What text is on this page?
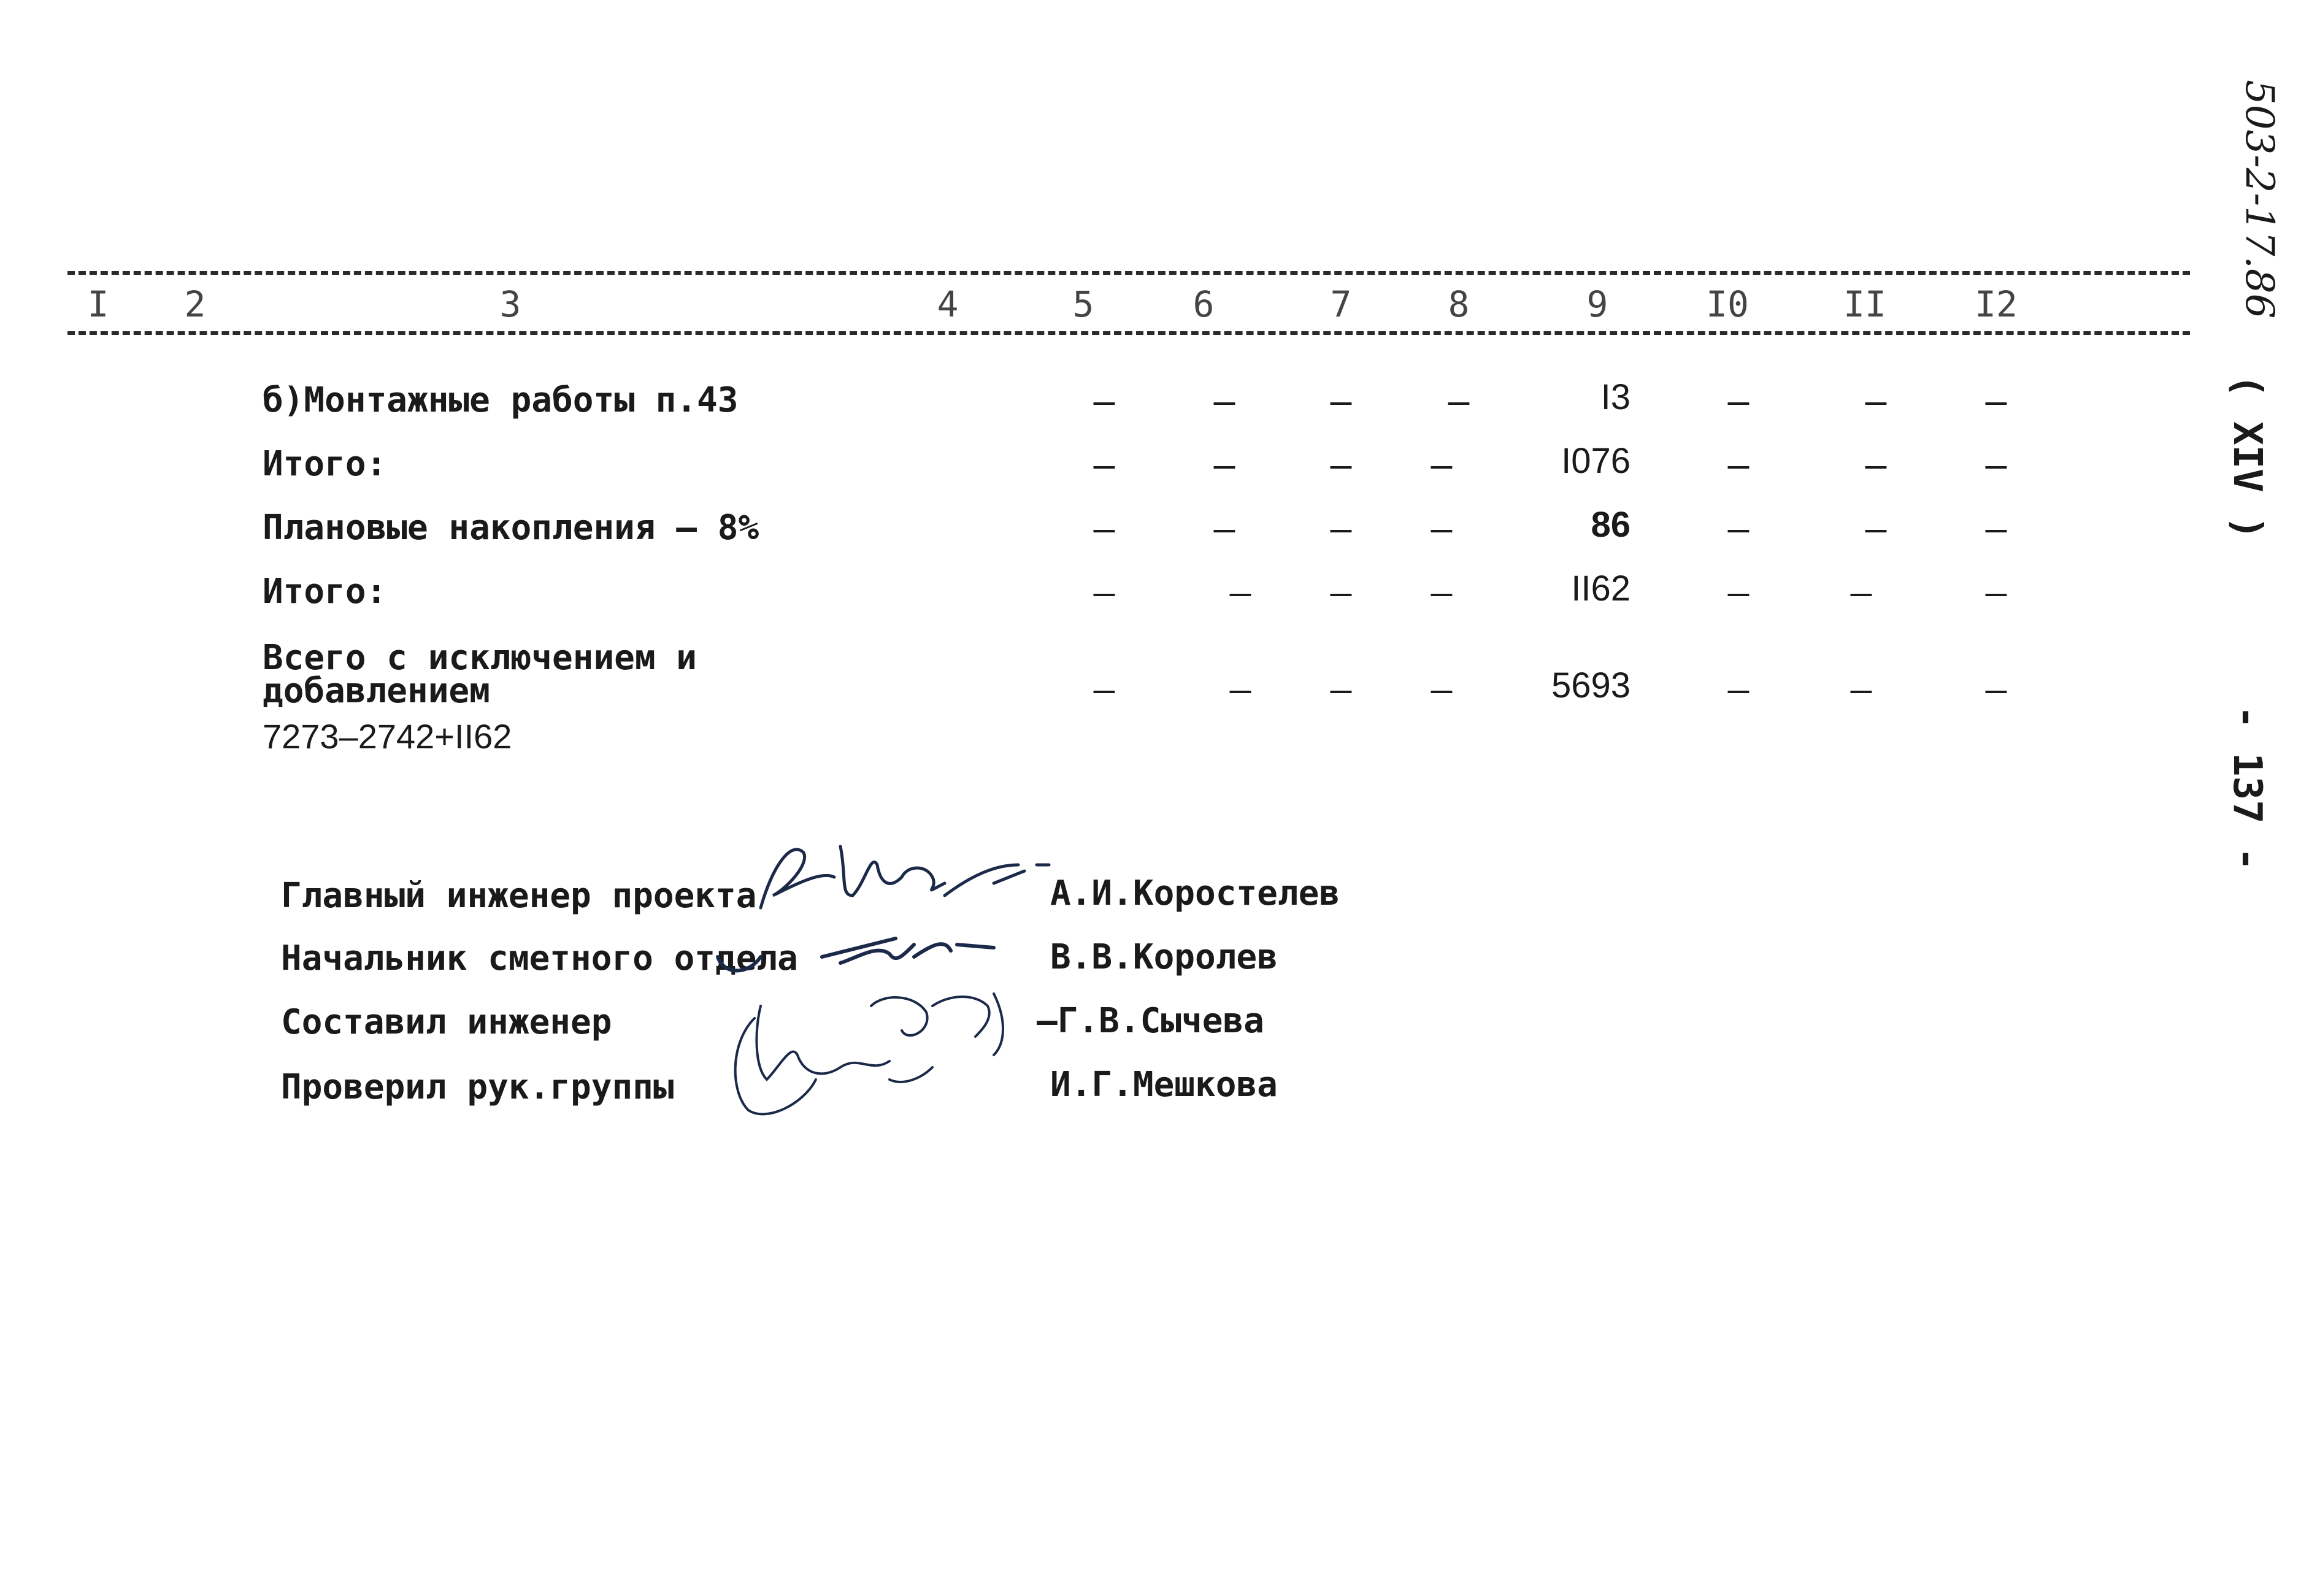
I 2	3	4	5	6	7	8	9	I0	II I2
б)Монтажные работы п.43	–	–	–	–	I3	–	–	–
Итого:	–	–	– –	I076	–	–	–
Плановые накопления – 8%	–	–	– –	86	–	–	–
Итого:	–	– – –	II62	–	–	–
Всего с исключением и
добавлением	–	– – –	5693	–	–	–
7273–2742+II62
Главный инженер проекта	А.И.Коростелев
Начальник сметного отдела	В.В.Королев
Составил инженер	–Г.В.Сычева
Проверил рук.группы	И.Г.Мешкова
503-2-17.86
( XIV )
- 137 -
